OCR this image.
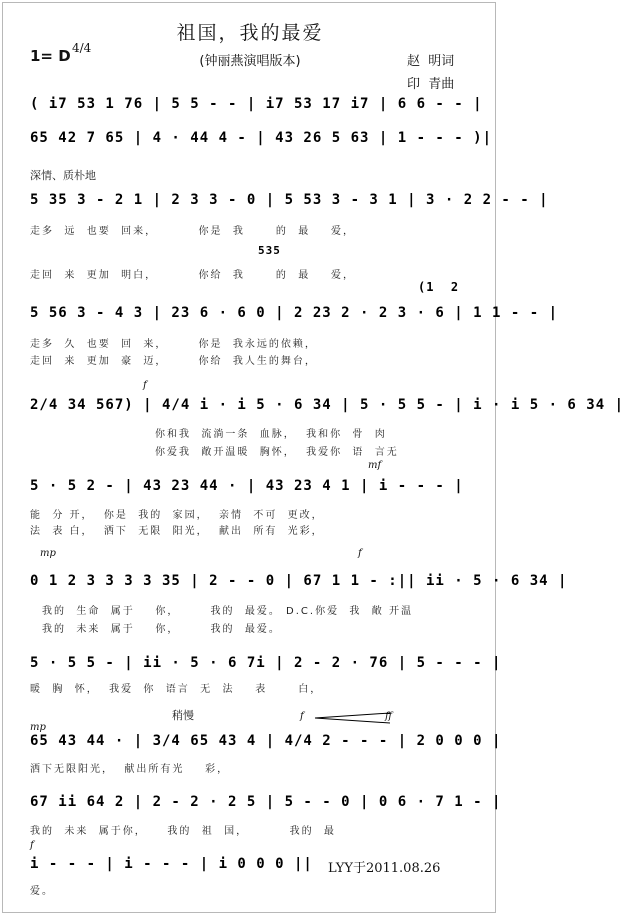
祖国，我的最爱
(钟丽燕演唱版本)
1= D 4/4
赵  明词
印  青曲
( i7 53 1 76 | 5 5 - - | i7 53 17 i7 | 6 6 - - |
65 42 7 65 | 4 · 44 4 - | 43 26 5 63 | 1 - - - )|
深情、质朴地
5 35 3 - 2 1 | 2 3 3 - 0 | 5 53 3 - 3 1 | 3 · 2 2 - - |
走多  远  也要  回来，        你是  我      的  最    爱，
535
走回  来  更加  明白，        你给  我      的  最    爱，
(1  2
5 56 3 - 4 3 | 23 6 · 6 0 | 2 23 2 · 2 3 · 6 | 1 1 - - |
走多  久  也要  回  来，      你是  我永远的依赖，
走回  来  更加  豪  迈，      你给  我人生的舞台，
f
2/4 34 567) | 4/4 i · i 5 · 6 34 | 5 · 5 5 - | i · i 5 · 6 34 |
你和我  流淌一条  血脉，  我和你  骨  肉
你爱我  敞开温暖  胸怀，  我爱你  语  言无
mf
5 · 5 2 - | 43 23 44 · | 43 23 4 1 | i - - - |
能  分 开，  你是  我的  家园，  亲情  不可  更改，
法  表 白，  洒下  无限  阳光，  献出  所有  光彩，
mp	f
0 1 2 3 3 3 3 35 | 2 - - 0 | 67 1 1 - :|| ii · 5 · 6 34 |
我的  生命  属于    你，      我的  最爱。 D.C.你爱  我  敞 开温
我的  未来  属于    你，      我的  最爱。
5 · 5 5 - | ii · 5 · 6 7i | 2 - 2 · 76 | 5 - - - |
暖  胸  怀，  我爱  你  语言  无  法    表      白，
稍慢
mp
f	ff
65 43 44 · | 3/4 65 43 4 | 4/4 2 - - - | 2 0 0 0 |
洒下无限阳光，  献出所有光    彩，
67 ii 64 2 | 2 - 2 · 2 5 | 5 - - 0 | 0 6 · 7 1 - |
我的  未来  属于你，    我的  祖  国，        我的  最
f
i - - - | i - - - | i 0 0 0 ||
爱。
LYY于2011.08.26
